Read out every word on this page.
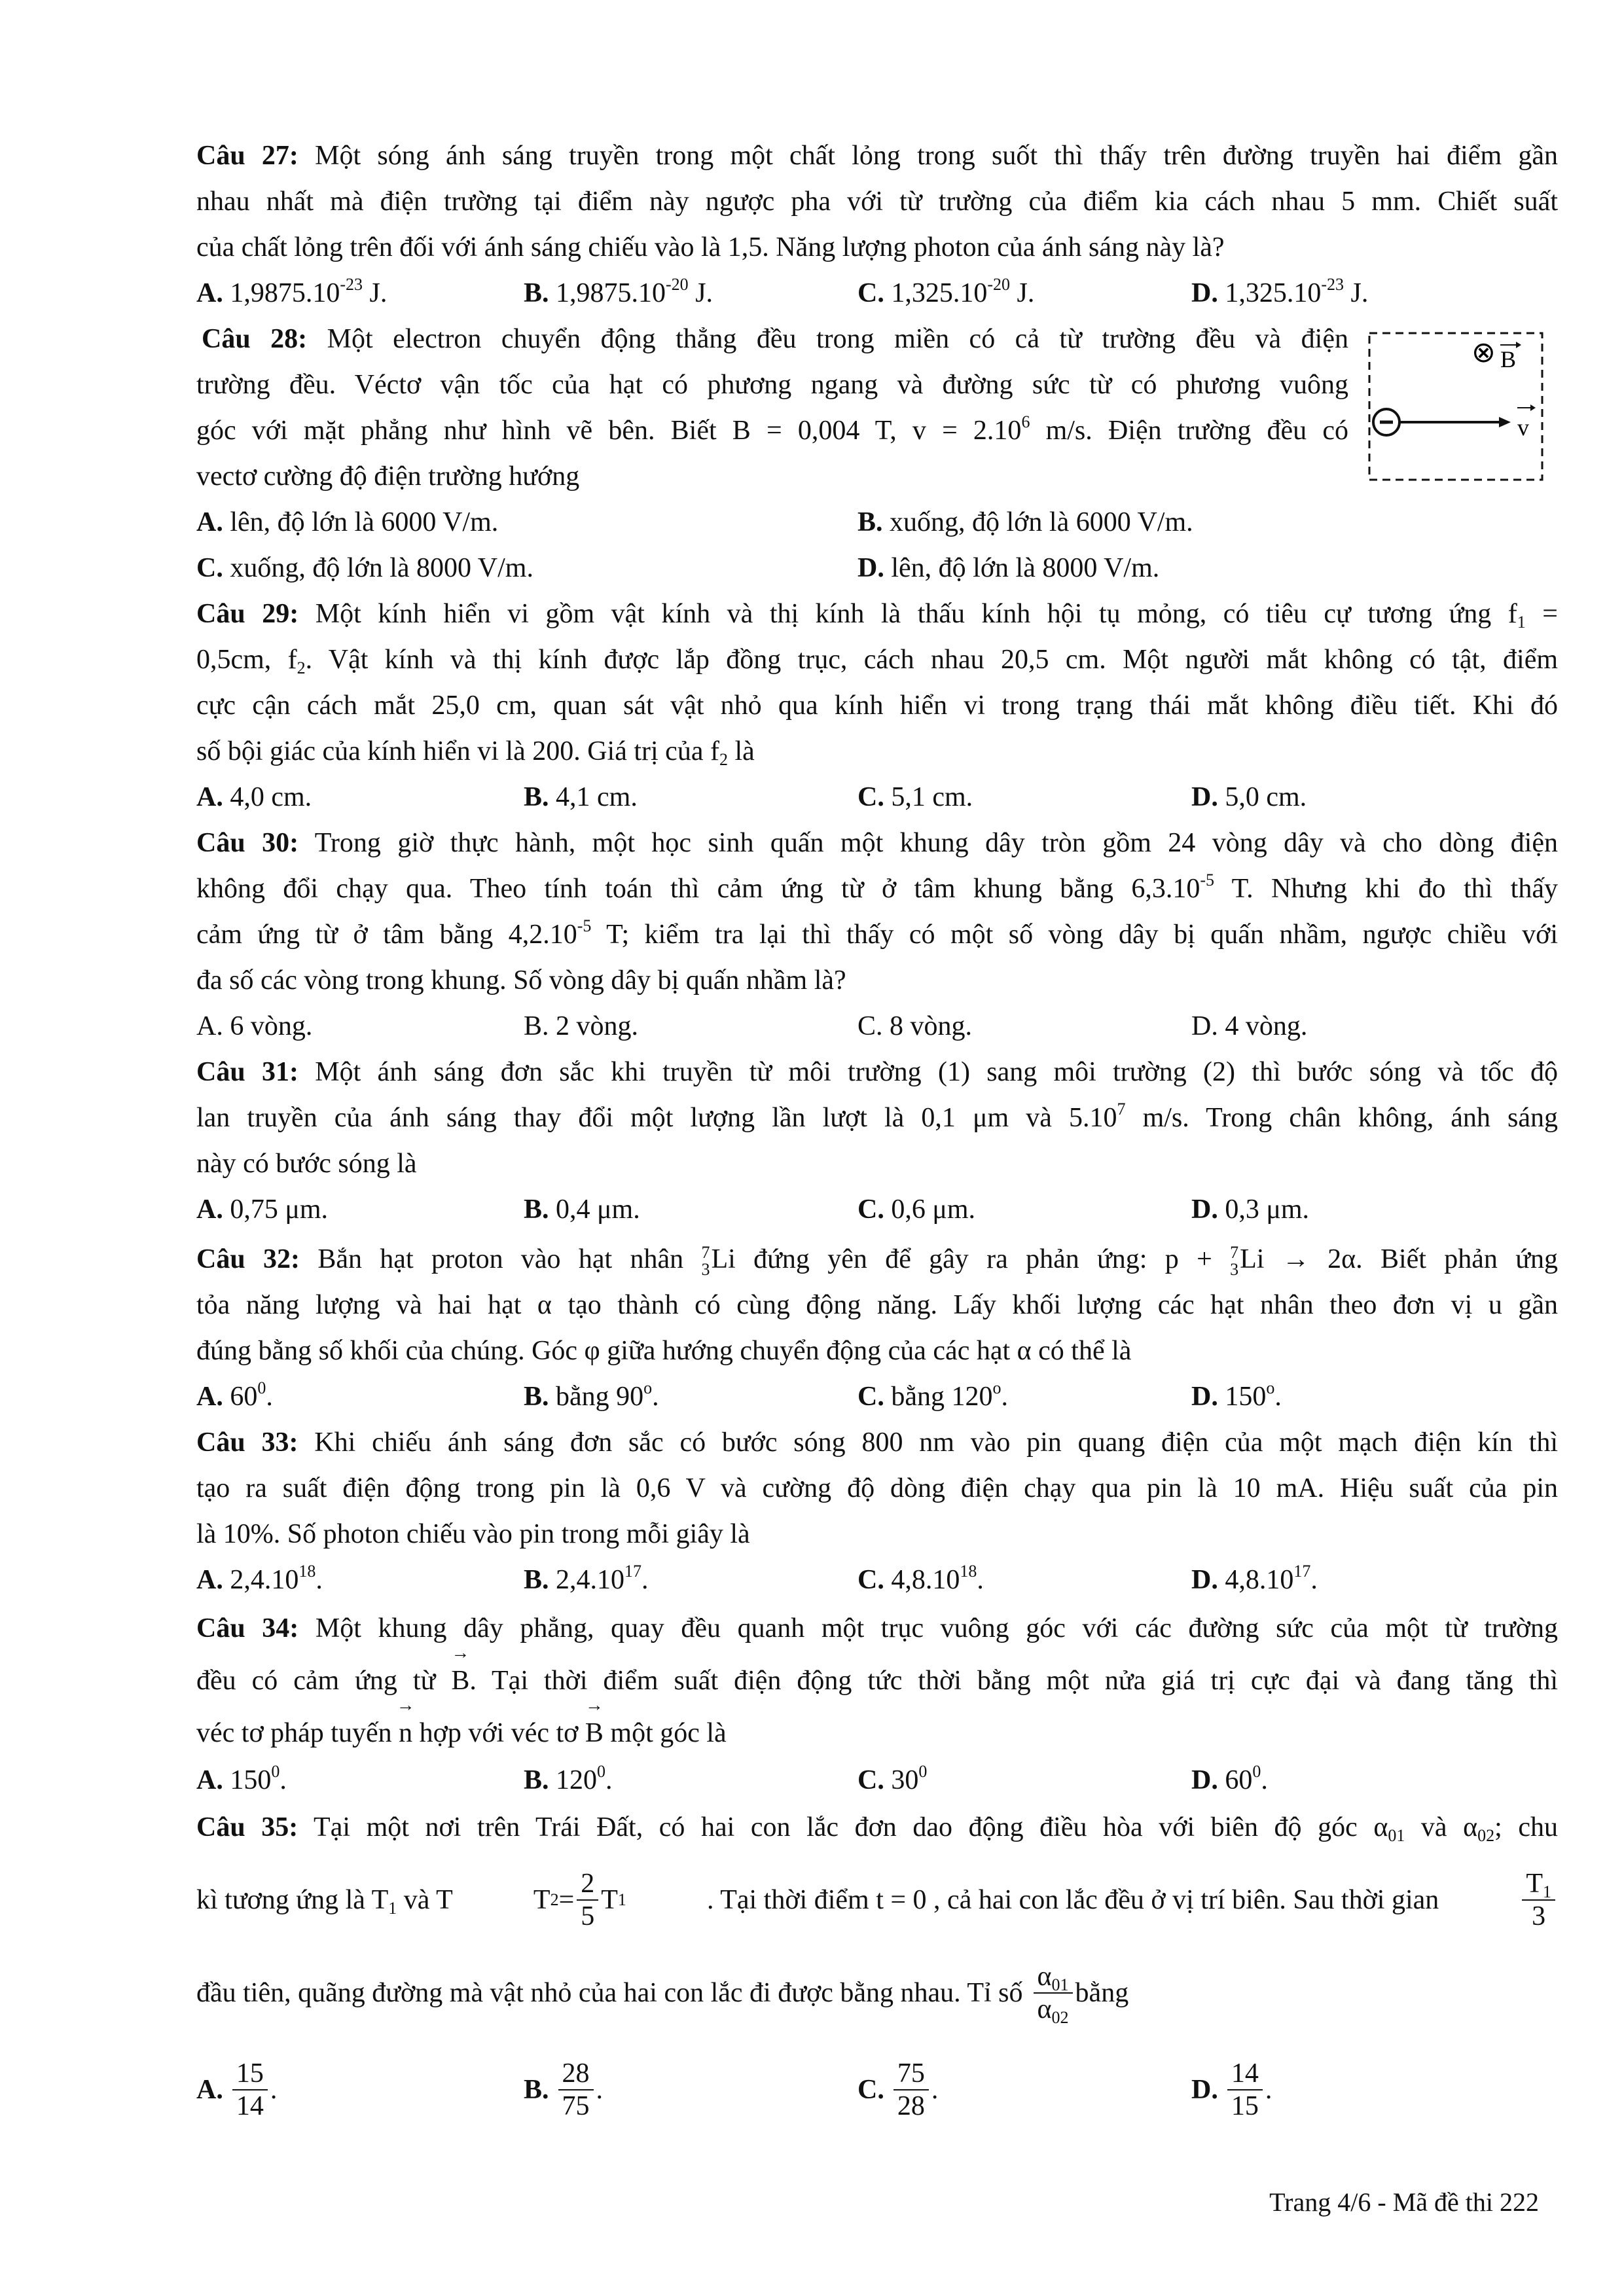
Câu 27: Một sóng ánh sáng truyền trong một chất lỏng trong suốt thì thấy trên đường truyền hai điểm gần
nhau nhất mà điện trường tại điểm này ngược pha với từ trường của điểm kia cách nhau 5 mm. Chiết suất
của chất lỏng trên đối với ánh sáng chiếu vào là 1,5. Năng lượng photon của ánh sáng này là?
A. $1,9875.10^{-23}$ J.	B. $1,9875.10^{-20}$ J.	C. $1,325.10^{-20}$ J.	D. $1,325.10^{-23}$ J.
Câu 28: Một electron chuyển động thẳng đều trong miền có cả từ trường đều và điện
trường đều. Véctơ vận tốc của hạt có phương ngang và đường sức từ có phương vuông
góc với mặt phẳng như hình vẽ bên. Biết B = 0,004 T, $v = 2.10^6$ m/s. Điện trường đều có
vectơ cường độ điện trường hướng
⊗ B
v
A. lên, độ lớn là 6000 V/m.	B. xuống, độ lớn là 6000 V/m.
C. xuống, độ lớn là 8000 V/m.	D. lên, độ lớn là 8000 V/m.
Câu 29: Một kính hiển vi gồm vật kính và thị kính là thấu kính hội tụ mỏng, có tiêu cự tương ứng $f_1$ =
0,5cm, $f_2$. Vật kính và thị kính được lắp đồng trục, cách nhau 20,5 cm. Một người mắt không có tật, điểm
cực cận cách mắt 25,0 cm, quan sát vật nhỏ qua kính hiển vi trong trạng thái mắt không điều tiết. Khi đó
số bội giác của kính hiển vi là 200. Giá trị của $f_2$ là
A. 4,0 cm.	B. 4,1 cm.	C. 5,1 cm.	D. 5,0 cm.
Câu 30: Trong giờ thực hành, một học sinh quấn một khung dây tròn gồm 24 vòng dây và cho dòng điện
không đổi chạy qua. Theo tính toán thì cảm ứng từ ở tâm khung bằng $6,3.10^{-5}$ T. Nhưng khi đo thì thấy
cảm ứng từ ở tâm bằng $4,2.10^{-5}$ T; kiểm tra lại thì thấy có một số vòng dây bị quấn nhầm, ngược chiều với
đa số các vòng trong khung. Số vòng dây bị quấn nhầm là?
A. 6 vòng.	B. 2 vòng.	C. 8 vòng.	D. 4 vòng.
Câu 31: Một ánh sáng đơn sắc khi truyền từ môi trường (1) sang môi trường (2) thì bước sóng và tốc độ
lan truyền của ánh sáng thay đổi một lượng lần lượt là 0,1 μm và 5.10$^7$ m/s. Trong chân không, ánh sáng
này có bước sóng là
A. 0,75 μm.	B. 0,4 μm.	C. 0,6 μm.	D. 0,3 μm.
Câu 32: Bắn hạt proton vào hạt nhân 7
3 Li đứng yên để gây ra phản ứng: p + 7
3 Li → 2α. Biết phản ứng
tỏa năng lượng và hai hạt α tạo thành có cùng động năng. Lấy khối lượng các hạt nhân theo đơn vị u gần
đúng bằng số khối của chúng. Góc φ giữa hướng chuyển động của các hạt α có thể là
A. $60^0$.	B. bằng 90$^o$.	C. bằng 120$^o$.	D. 150$^o$.
Câu 33: Khi chiếu ánh sáng đơn sắc có bước sóng 800 nm vào pin quang điện của một mạch điện kín thì
tạo ra suất điện động trong pin là 0,6 V và cường độ dòng điện chạy qua pin là 10 mA. Hiệu suất của pin
là 10%. Số photon chiếu vào pin trong mỗi giây là
A. 2,4.10$^{18}$.	B. 2,4.10$^{17}$.	C. 4,8.10$^{18}$.	D. 4,8.10$^{17}$.
Câu 34: Một khung dây phẳng, quay đều quanh một trục vuông góc với các đường sức của một từ trường
đều có cảm ứng từ → B. Tại thời điểm suất điện động tức thời bằng một nửa giá trị cực đại và đang tăng thì
véc tơ pháp tuyến → n hợp với véc tơ → B một góc là
A. $150^0$.	B. $120^0$.	C. $30^0$	D. $60^0$.
Câu 35: Tại một nơi trên Trái Đất, có hai con lắc đơn dao động điều hòa với biên độ góc $\alpha_{01}$ và $\alpha_{02}$; chu
kì tương ứng là $T_1$ và T	T $2 = \frac{2}{5}$ T 1	. Tại thời điểm t = 0 , cả hai con lắc đều ở vị trí biên. Sau thời gian	$\frac{T_1}{3}$
đầu tiên, quãng đường mà vật nhỏ của hai con lắc đi được bằng nhau. Tỉ số $\frac{\alpha_{01}}{\alpha_{02}}$ bằng
A. $\frac{15}{14}$ .	B. $\frac{28}{75}$ .	C. $\frac{75}{28}$ .	D. $\frac{14}{15}$ .
Trang 4/6 - Mã đề thi 222
